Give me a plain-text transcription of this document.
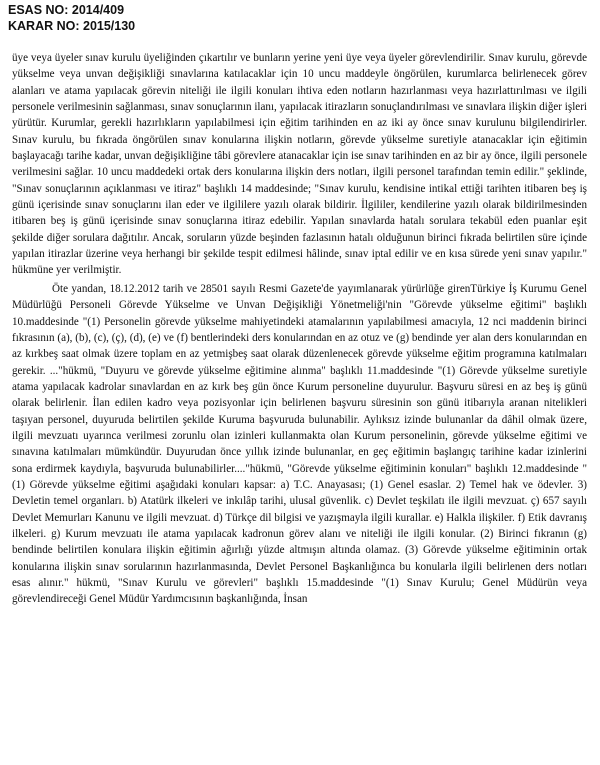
ESAS NO: 2014/409
KARAR NO: 2015/130

üye veya üyeler sınav kurulu üyeliğinden çıkartılır ve bunların yerine yeni üye veya üyeler görevlendirilir. Sınav kurulu, görevde yükselme veya unvan değişikliği sınavlarına katılacaklar için 10 uncu maddeyle öngörülen, kurumlarca belirlenecek görev alanları ve atama yapılacak görevin niteliği ile ilgili konuları ihtiva eden notların hazırlanması veya hazırlattırılması ve ilgili personele verilmesinin sağlanması, sınav sonuçlarının ilanı, yapılacak itirazların sonuçlandırılması ve sınavlara ilişkin diğer işleri yürütür. Kurumlar, gerekli hazırlıkların yapılabilmesi için eğitim tarihinden en az iki ay önce sınav kurulunu bilgilendirirler. Sınav kurulu, bu fıkrada öngörülen sınav konularına ilişkin notların, görevde yükselme suretiyle atanacaklar için eğitimin başlayacağı tarihe kadar, unvan değişikliğine tâbi görevlere atanacaklar için ise sınav tarihinden en az bir ay önce, ilgili personele verilmesini sağlar. 10 uncu maddedeki ortak ders konularına ilişkin ders notları, ilgili personel tarafından temin edilir." şeklinde, "Sınav sonuçlarının açıklanması ve itiraz" başlıklı 14 maddesinde; "Sınav kurulu, kendisine intikal ettiği tarihten itibaren beş iş günü içerisinde sınav sonuçlarını ilan eder ve ilgililere yazılı olarak bildirir. İlgililer, kendilerine yazılı olarak bildirilmesinden itibaren beş iş günü içerisinde sınav sonuçlarına itiraz edebilir. Yapılan sınavlarda hatalı sorulara tekabül eden puanlar eşit şekilde diğer sorulara dağıtılır. Ancak, soruların yüzde beşinden fazlasının hatalı olduğunun birinci fıkrada belirtilen süre içinde yapılan itirazlar üzerine veya herhangi bir şekilde tespit edilmesi hâlinde, sınav iptal edilir ve en kısa sürede yeni sınav yapılır." hükmüne yer verilmiştir.

Öte yandan, 18.12.2012 tarih ve 28501 sayılı Resmi Gazete'de yayımlanarak yürürlüğe girenTürkiye İş Kurumu Genel Müdürlüğü Personeli Görevde Yükselme ve Unvan Değişikliği Yönetmeliği'nin "Görevde yükselme eğitimi" başlıklı 10.maddesinde "(1) Personelin görevde yükselme mahiyetindeki atamalarının yapılabilmesi amacıyla, 12 nci maddenin birinci fıkrasının (a), (b), (c), (ç), (d), (e) ve (f) bentlerindeki ders konularından en az otuz ve (g) bendinde yer alan ders konularından en az kırkbeş saat olmak üzere toplam en az yetmişbeş saat olarak düzenlenecek görevde yükselme eğitim programına katılmaları gerekir. ..."hükmü, "Duyuru ve görevde yükselme eğitimine alınma" başlıklı 11.maddesinde "(1) Görevde yükselme suretiyle atama yapılacak kadrolar sınavlardan en az kırk beş gün önce Kurum personeline duyurulur. Başvuru süresi en az beş iş günü olarak belirlenir. İlan edilen kadro veya pozisyonlar için belirlenen başvuru süresinin son günü itibarıyla aranan nitelikleri taşıyan personel, duyuruda belirtilen şekilde Kuruma başvuruda bulunabilir. Aylıksız izinde bulunanlar da dâhil olmak üzere, ilgili mevzuatı uyarınca verilmesi zorunlu olan izinleri kullanmakta olan Kurum personelinin, görevde yükselme eğitimi ve sınavına katılmaları mümkündür. Duyurudan önce yıllık izinde bulunanlar, en geç eğitimin başlangıç tarihine kadar izinlerini sona erdirmek kaydıyla, başvuruda bulunabilirler...."hükmü, "Görevde yükselme eğitiminin konuları" başlıklı 12.maddesinde "(1) Görevde yükselme eğitimi aşağıdaki konuları kapsar: a) T.C. Anayasası; (1) Genel esaslar. 2) Temel hak ve ödevler. 3) Devletin temel organları. b) Atatürk ilkeleri ve inkılâp tarihi, ulusal güvenlik. c) Devlet teşkilatı ile ilgili mevzuat. ç) 657 sayılı Devlet Memurları Kanunu ve ilgili mevzuat. d) Türkçe dil bilgisi ve yazışmayla ilgili kurallar. e) Halkla ilişkiler. f) Etik davranış ilkeleri. g) Kurum mevzuatı ile atama yapılacak kadronun görev alanı ve niteliği ile ilgili konular. (2) Birinci fıkranın (g) bendinde belirtilen konulara ilişkin eğitimin ağırlığı yüzde altmışın altında olamaz. (3) Görevde yükselme eğitiminin ortak konularına ilişkin sınav sorularının hazırlanmasında, Devlet Personel Başkanlığınca bu konularla ilgili belirlenen ders notları esas alınır." hükmü, "Sınav Kurulu ve görevleri" başlıklı 15.maddesinde "(1) Sınav Kurulu; Genel Müdürün veya görevlendireceği Genel Müdür Yardımcısının başkanlığında, İnsan
